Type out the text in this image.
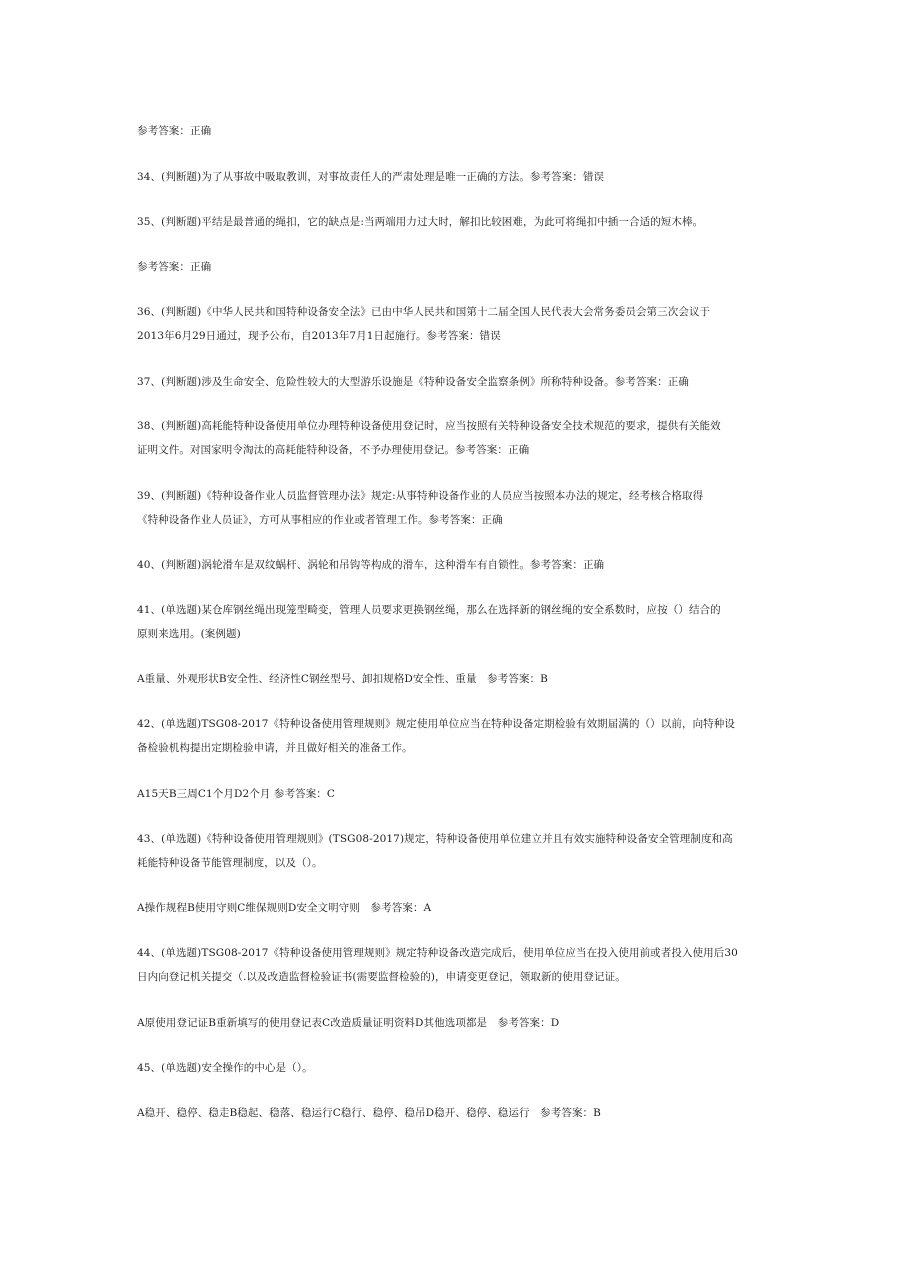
参考答案：正确
34、(判断题)为了从事故中吸取教训，对事故责任人的严肃处理是唯一正确的方法。参考答案：错误
35、(判断题)平结是最普通的绳扣，它的缺点是:当两端用力过大时，解扣比较困难，为此可将绳扣中插一合适的短木棒。
参考答案：正确
36、(判断题)《中华人民共和国特种设备安全法》已由中华人民共和国第十二届全国人民代表大会常务委员会第三次会议于
2013年6月29日通过，现予公布，自2013年7月1日起施行。参考答案：错误
37、(判断题)涉及生命安全、危险性较大的大型游乐设施是《特种设备安全监察条例》所称特种设备。参考答案：正确
38、(判断题)高耗能特种设备使用单位办理特种设备使用登记时，应当按照有关特种设备安全技术规范的要求，提供有关能效
证明文件。对国家明令淘汰的高耗能特种设备，不予办理使用登记。参考答案：正确
39、(判断题)《特种设备作业人员监督管理办法》规定:从事特种设备作业的人员应当按照本办法的规定，经考核合格取得
《特种设备作业人员证》，方可从事相应的作业或者管理工作。参考答案：正确
40、(判断题)涡轮滑车是双纹蜗杆、涡轮和吊钩等构成的滑车，这种滑车有自锁性。参考答案：正确
41、(单选题)某仓库钢丝绳出现笼型畸变，管理人员要求更换钢丝绳，那么在选择新的钢丝绳的安全系数时，应按（）结合的
原则来选用。(案例题)
A重量、外观形状B安全性、经济性C钢丝型号、卸扣规格D安全性、重量　参考答案：B
42、(单选题)TSG08-2017《特种设备使用管理规则》规定使用单位应当在特种设备定期检验有效期届满的（）以前，向特种设
备检验机构提出定期检验申请，并且做好相关的准备工作。
A15天B三周C1个月D2个月 参考答案：C
43、(单选题)《特种设备使用管理规则》(TSG08-2017)规定，特种设备使用单位建立并且有效实施特种设备安全管理制度和高
耗能特种设备节能管理制度，以及（）。
A操作规程B使用守则C维保规则D安全文明守则　参考答案：A
44、(单选题)TSG08-2017《特种设备使用管理规则》规定特种设备改造完成后，使用单位应当在投入使用前或者投入使用后30
日内向登记机关提交（.以及改造监督检验证书(需要监督检验的)，申请变更登记，领取新的使用登记证。
A原使用登记证B重新填写的使用登记表C改造质量证明资料D其他选项都是　参考答案：D
45、(单选题)安全操作的中心是（）。
A稳开、稳停、稳走B稳起、稳落、稳运行C稳行、稳停、稳吊D稳开、稳停、稳运行　参考答案：B
